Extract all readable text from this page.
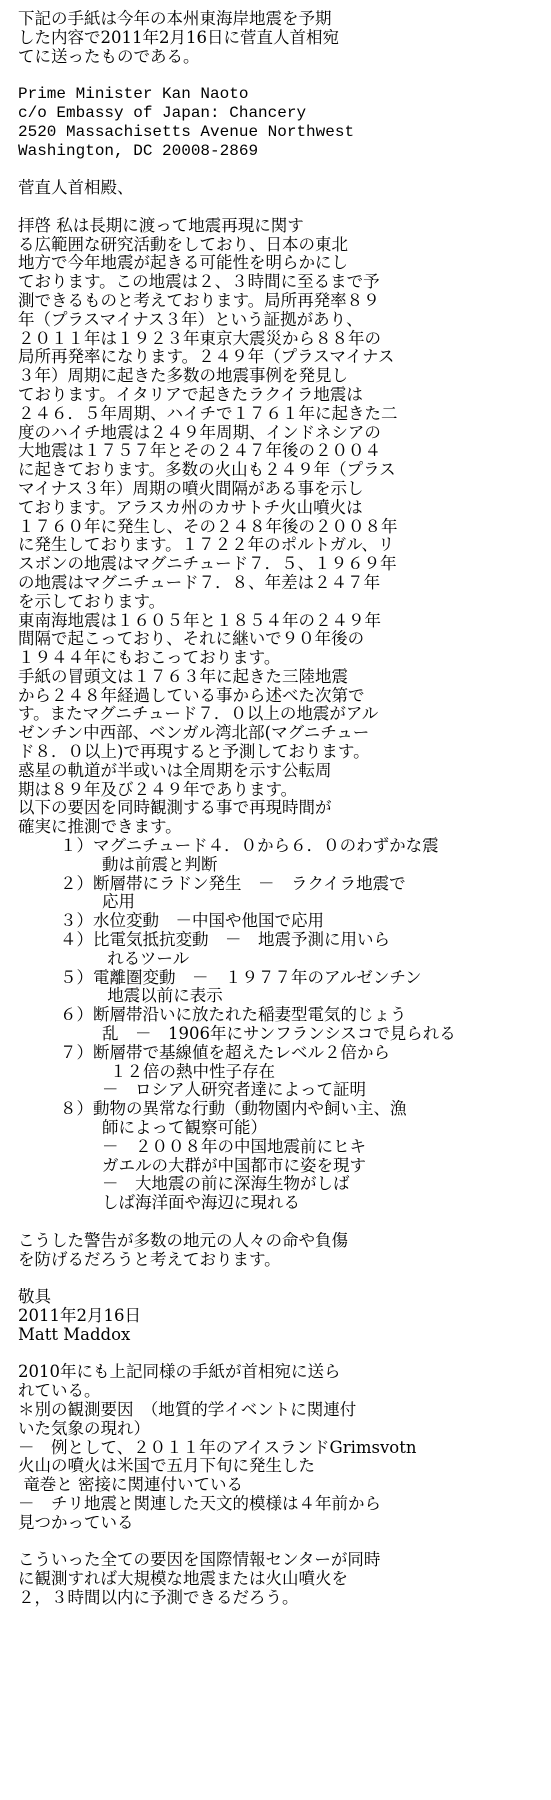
下記の手紙は今年の本州東海岸地震を予期
した内容で2011年2月16日に菅直人首相宛
てに送ったものである。
Prime Minister Kan Naoto
c/o Embassy of Japan: Chancery
2520 Massachisetts Avenue Northwest
Washington, DC 20008-2869
菅直人首相殿、
拝啓 私は長期に渡って地震再現に関す
る広範囲な研究活動をしており、日本の東北
地方で今年地震が起きる可能性を明らかにし
ております。この地震は２、３時間に至るまで予
測できるものと考えております。局所再発率８９
年（プラスマイナス３年）という証拠があり、
２０１１年は１９２３年東京大震災から８８年の
局所再発率になります。２４９年（プラスマイナス
３年）周期に起きた多数の地震事例を発見し
ております。イタリアで起きたラクイラ地震は
２４６．５年周期、ハイチで１７６１年に起きた二
度のハイチ地震は２４９年周期、インドネシアの
大地震は１７５７年とその２４７年後の２００４
に起きております。多数の火山も２４９年（プラス
マイナス３年）周期の噴火間隔がある事を示し
ております。アラスカ州のカサトチ火山噴火は
１７６０年に発生し、その２４８年後の２００８年
に発生しております。１７２２年のポルトガル、リ
スボンの地震はマグニチュード７．５、１９６９年
の地震はマグニチュード７．８、年差は２４７年
を示しております。
東南海地震は１６０５年と１８５４年の２４９年
間隔で起こっており、それに継いで９０年後の
１９４４年にもおこっております。
手紙の冒頭文は１７６３年に起きた三陸地震
から２４８年経過している事から述べた次第で
す。またマグニチュード７．０以上の地震がアル
ゼンチン中西部、ベンガル湾北部(マグニチュー
ド８．０以上)で再現すると予測しております。
惑星の軌道が半或いは全周期を示す公転周
期は８９年及び２４９年であります。
以下の要因を同時観測する事で再現時間が
確実に推測できます。
１）マグニチュード４．０から６．０のわずかな震
動は前震と判断
２）断層帯にラドン発生　－　ラクイラ地震で
応用
３）水位変動　－中国や他国で応用
４）比電気抵抗変動　－　地震予測に用いら
れるツール
５）電離圏変動　－　１９７７年のアルゼンチン
地震以前に表示
６）断層帯沿いに放たれた稲妻型電気的じょう
乱　－　1906年にサンフランシスコで見られる
７）断層帯で基線値を超えたレベル２倍から
１２倍の熱中性子存在
－　ロシア人研究者達によって証明
８）動物の異常な行動（動物園内や飼い主、漁
師によって観察可能）
－　２００８年の中国地震前にヒキ
ガエルの大群が中国都市に姿を現す
－　大地震の前に深海生物がしば
しば海洋面や海辺に現れる
こうした警告が多数の地元の人々の命や負傷
を防げるだろうと考えております。
敬具
2011年2月16日
Matt Maddox
2010年にも上記同様の手紙が首相宛に送ら
れている。
＊別の観測要因　（地質的学イベントに関連付
いた気象の現れ）
－　例として、２０１１年のアイスランドGrimsvotn
火山の噴火は米国で五月下旬に発生した
竜巻と 密接に関連付いている
－　チリ地震と関連した天文的模様は４年前から
見つかっている
こういった全ての要因を国際情報センターが同時
に観測すれば大規模な地震または火山噴火を
２，３時間以内に予測できるだろう。
